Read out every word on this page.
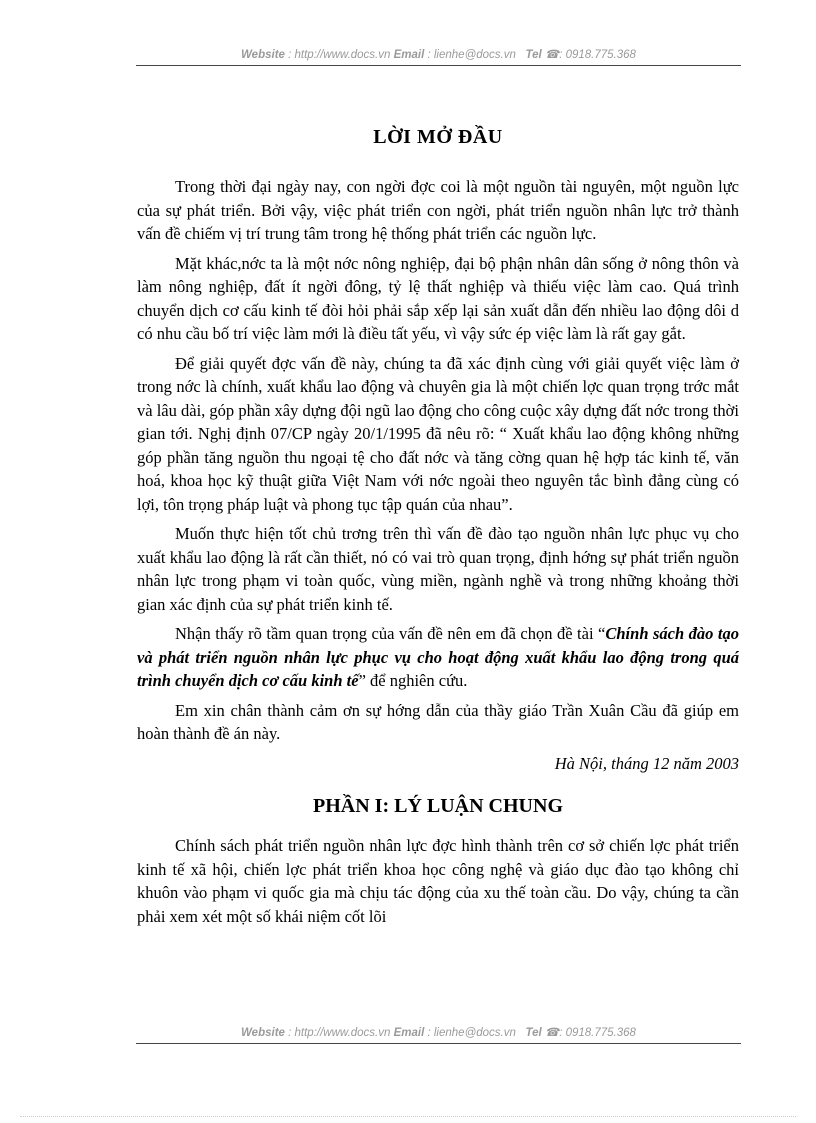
Website : http://www.docs.vn Email : lienhe@docs.vn Tel ☎: 0918.775.368
LỜI MỞ ĐẦU

Trong thời đại ngày nay, con ngời đợc coi là một nguồn tài nguyên, một nguồn lực của sự phát triển. Bởi vậy, việc phát triển con ngời, phát triển nguồn nhân lực trở thành vấn đề chiếm vị trí trung tâm trong hệ thống phát triển các nguồn lực.

Mặt khác,nớc ta là một nớc nông nghiệp, đại bộ phận nhân dân sống ở nông thôn và làm nông nghiệp, đất ít ngời đông, tỷ lệ thất nghiệp và thiếu việc làm cao. Quá trình chuyển dịch cơ cấu kinh tế đòi hỏi phải sắp xếp lại sản xuất dẫn đến nhiều lao động dôi d có nhu cầu bố trí việc làm mới là điều tất yếu, vì vậy sức ép việc làm là rất gay gắt.

Để giải quyết đợc vấn đề này, chúng ta đã xác định cùng với giải quyết việc làm ở trong nớc là chính, xuất khẩu lao động và chuyên gia là một chiến lợc quan trọng trớc mắt và lâu dài, góp phần xây dựng đội ngũ lao động cho công cuộc xây dựng đất nớc trong thời gian tới. Nghị định 07/CP ngày 20/1/1995 đã nêu rõ: “ Xuất khẩu lao động không những góp phần tăng nguồn thu ngoại tệ cho đất nớc và tăng cờng quan hệ hợp tác kinh tế, văn hoá, khoa học kỹ thuật giữa Việt Nam với nớc ngoài theo nguyên tắc bình đẳng cùng có lợi, tôn trọng pháp luật và phong tục tập quán của nhau”.

Muốn thực hiện tốt chủ trơng trên thì vấn đề đào tạo nguồn nhân lực phục vụ cho xuất khẩu lao động là rất cần thiết, nó có vai trò quan trọng, định hớng sự phát triển nguồn nhân lực trong phạm vi toàn quốc, vùng miền, ngành nghề và trong những khoảng thời gian xác định của sự phát triển kinh tế.

Nhận thấy rõ tầm quan trọng của vấn đề nên em đã chọn đề tài “Chính sách đào tạo và phát triển nguồn nhân lực phục vụ cho hoạt động xuất khẩu lao động trong quá trình chuyển dịch cơ cấu kinh tế” để nghiên cứu.

Em xin chân thành cảm ơn sự hớng dẫn của thầy giáo Trần Xuân Cầu đã giúp em hoàn thành đề án này.

Hà Nội, tháng 12 năm 2003

PHẦN I: LÝ LUẬN CHUNG

Chính sách phát triển nguồn nhân lực đợc hình thành trên cơ sở chiến lợc phát triển kinh tế xã hội, chiến lợc phát triển khoa học công nghệ và giáo dục đào tạo không chỉ khuôn vào phạm vi quốc gia mà chịu tác động của xu thế toàn cầu. Do vậy, chúng ta cần phải xem xét một số khái niệm cốt lõi

Website : http://www.docs.vn Email : lienhe@docs.vn Tel ☎: 0918.775.368
